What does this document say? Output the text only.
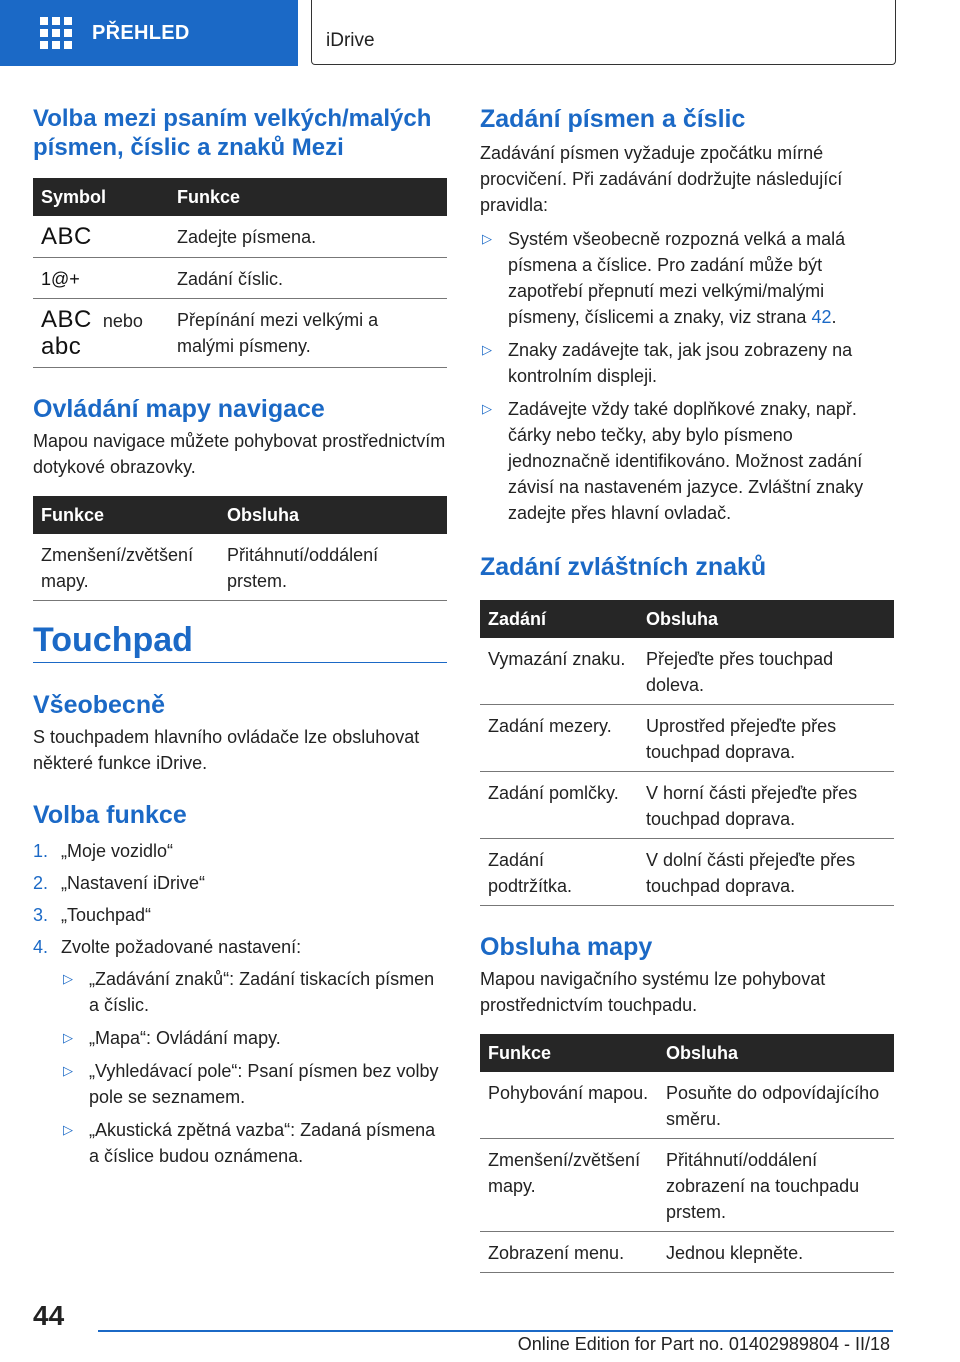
PŘEHLED	iDrive
Volba mezi psaním velkých/malých písmen, číslic a znaků Mezi
Symbol	Funkce
ABC	Zadejte písmena.
1@+	Zadání číslic.
ABC nebo
abc	Přepínání mezi velkými a malými písmeny.
Ovládání mapy navigace

Mapou navigace můžete pohybovat prostřednictvím dotykové obrazovky.

Funkce	Obsluha
Zmenšení/zvětšení mapy.	Přitáhnutí/oddálení prstem.
Touchpad
Všeobecně

S touchpadem hlavního ovládače lze obsluhovat některé funkce iDrive.

Volba funkce
1. „Moje vozidlo“
2. „Nastavení iDrive“
3. „Touchpad“
4. Zvolte požadované nastavení:
▷ „Zadávání znaků“: Zadání tiskacích písmen a číslic.
▷ „Mapa“: Ovládání mapy.
▷ „Vyhledávací pole“: Psaní písmen bez volby pole se seznamem.
▷ „Akustická zpětná vazba“: Zadaná písmena a číslice budou oznámena.
Zadání písmen a číslic

Zadávání písmen vyžaduje zpočátku mírné procvičení. Při zadávání dodržujte následující pravidla:

▷ Systém všeobecně rozpozná velká a malá písmena a číslice. Pro zadání může být zapotřebí přepnutí mezi velkými/malými písmeny, číslicemi a znaky, viz strana 42.
▷ Znaky zadávejte tak, jak jsou zobrazeny na kontrolním displeji.
▷ Zadávejte vždy také doplňkové znaky, např. čárky nebo tečky, aby bylo písmeno jednoznačně identifikováno. Možnost zadání závisí na nastaveném jazyce. Zvláštní znaky zadejte přes hlavní ovladač.
Zadání zvláštních znaků
Zadání	Obsluha
Vymazání znaku.	Přejeďte přes touchpad doleva.
Zadání mezery.	Uprostřed přejeďte přes touchpad doprava.
Zadání pomlčky.	V horní části přejeďte přes touchpad doprava.
Zadání podtržítka.	V dolní části přejeďte přes touchpad doprava.
Obsluha mapy

Mapou navigačního systému lze pohybovat prostřednictvím touchpadu.

Funkce	Obsluha
Pohybování mapou.	Posuňte do odpovídajícího směru.
Zmenšení/zvětšení mapy.	Přitáhnutí/oddálení zobrazení na touchpadu prstem.
Zobrazení menu.	Jednou klepněte.
44
Online Edition for Part no. 01402989804 - II/18
